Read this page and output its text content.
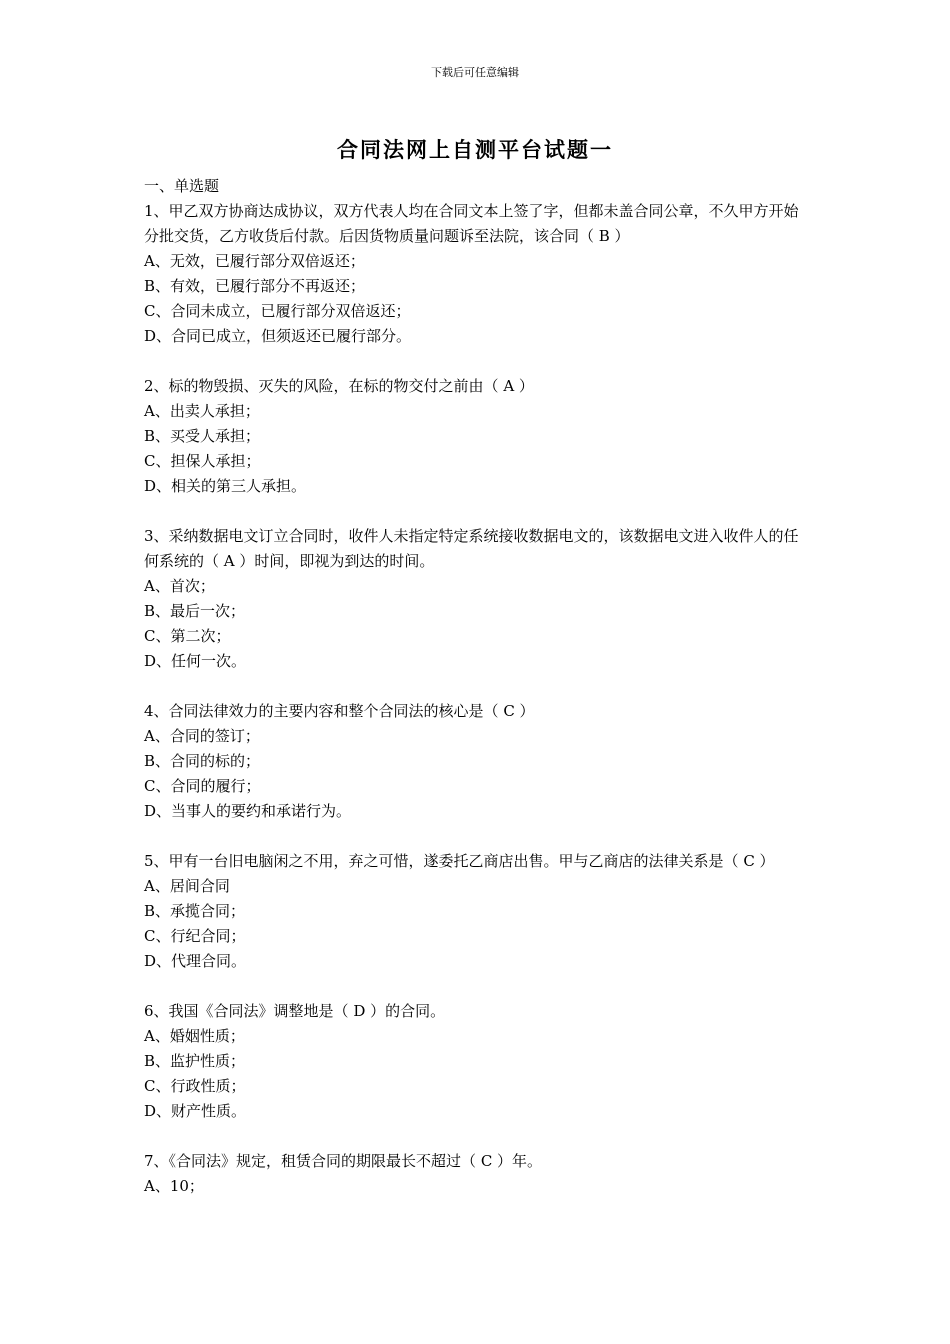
下载后可任意编辑
合同法网上自测平台试题一
一、单选题
1、甲乙双方协商达成协议，双方代表人均在合同文本上签了字，但都未盖合同公章，不久甲方开始分批交货，乙方收货后付款。后因货物质量问题诉至法院，该合同（ B ）
A、无效，已履行部分双倍返还；
B、有效，已履行部分不再返还；
C、合同未成立，已履行部分双倍返还；
D、合同已成立，但须返还已履行部分。
2、标的物毁损、灭失的风险，在标的物交付之前由（ A ）
A、出卖人承担；
B、买受人承担；
C、担保人承担；
D、相关的第三人承担。
3、采纳数据电文订立合同时，收件人未指定特定系统接收数据电文的，该数据电文进入收件人的任何系统的（ A ）时间，即视为到达的时间。
A、首次；
B、最后一次；
C、第二次；
D、任何一次。
4、合同法律效力的主要内容和整个合同法的核心是（ C ）
A、合同的签订；
B、合同的标的；
C、合同的履行；
D、当事人的要约和承诺行为。
5、甲有一台旧电脑闲之不用，弃之可惜，遂委托乙商店出售。甲与乙商店的法律关系是（ C ）
A、居间合同
B、承揽合同；
C、行纪合同；
D、代理合同。
6、我国《合同法》调整地是（ D ）的合同。
A、婚姻性质；
B、监护性质；
C、行政性质；
D、财产性质。
7、《合同法》规定，租赁合同的期限最长不超过（ C ）年。
A、10；
